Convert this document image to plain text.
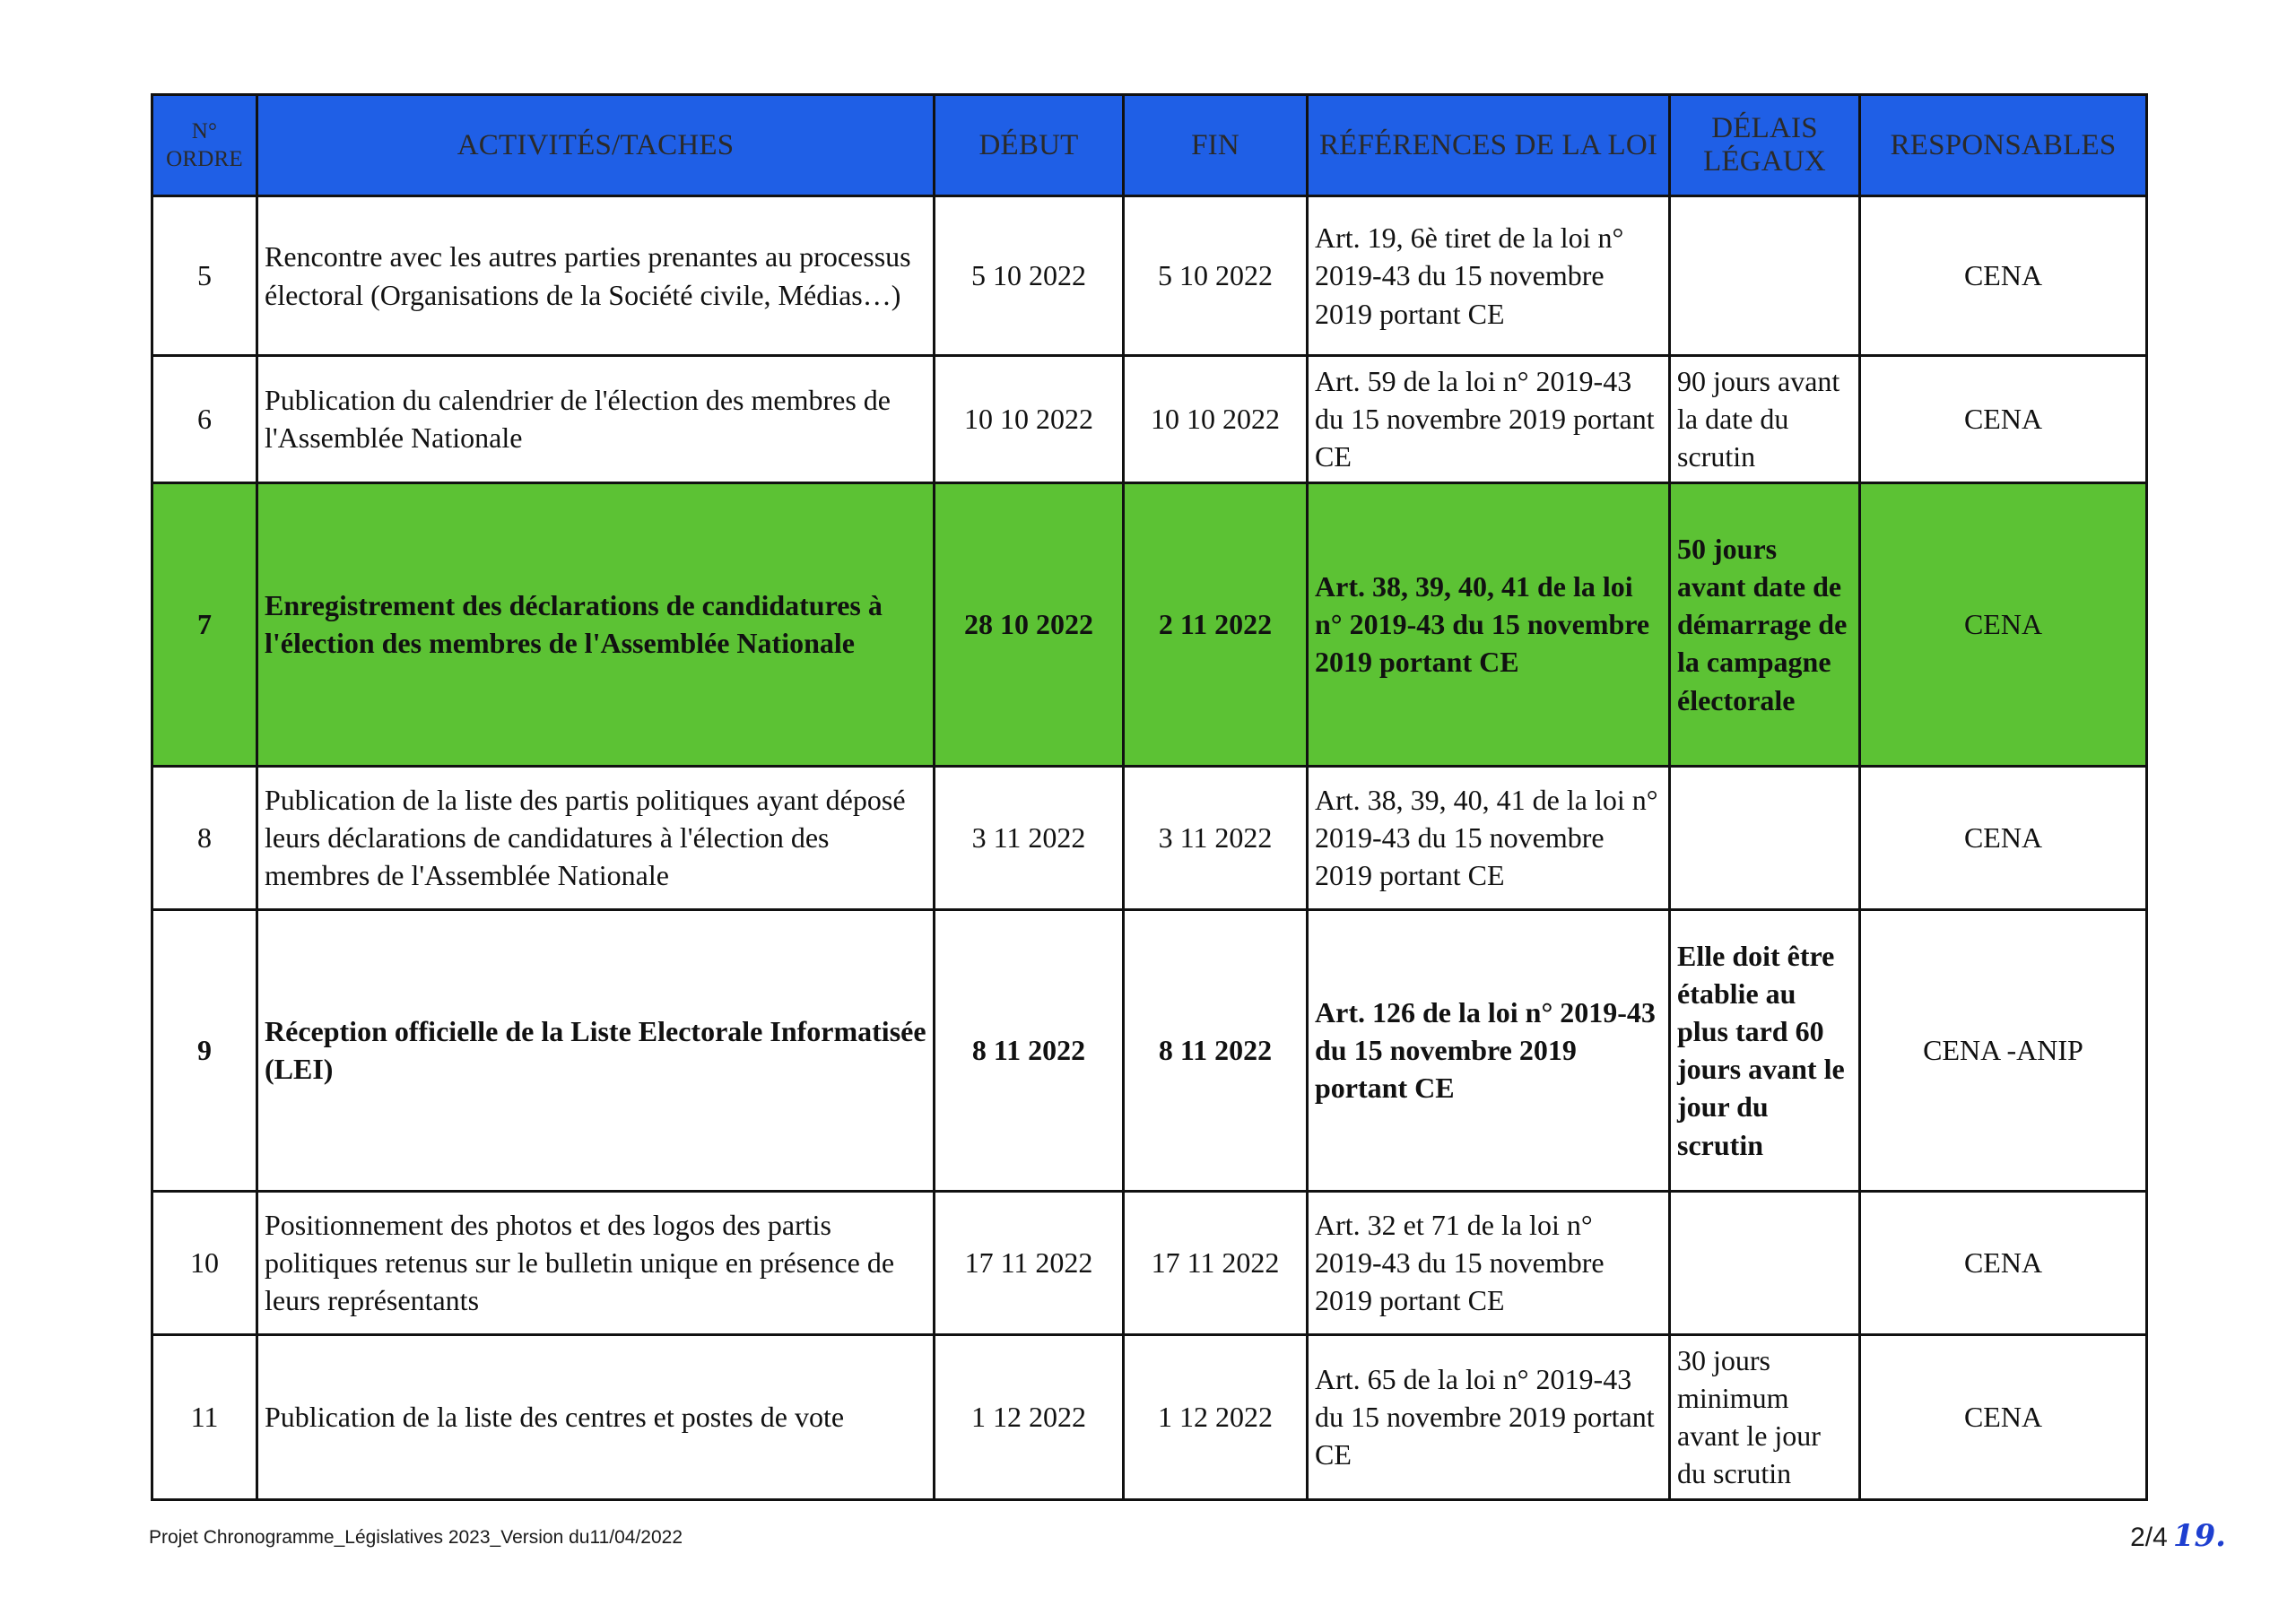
N° ORDRE	ACTIVITÉS/TACHES	DÉBUT	FIN	RÉFÉRENCES DE LA LOI	DÉLAIS LÉGAUX	RESPONSABLES
5	Rencontre avec les autres parties prenantes au processus électoral (Organisations de la Société civile, Médias…)	5 10 2022	5 10 2022	Art. 19, 6è tiret de la loi n° 2019-43 du 15 novembre 2019 portant CE		CENA
6	Publication du calendrier de l'élection des membres de l'Assemblée Nationale	10 10 2022	10 10 2022	Art. 59 de la loi n° 2019-43 du 15 novembre 2019 portant CE	90 jours avant la date du scrutin	CENA
7	Enregistrement des déclarations de candidatures à l'élection des membres de l'Assemblée Nationale	28 10 2022	2 11 2022	Art. 38, 39, 40, 41 de la loi n° 2019-43 du 15 novembre 2019 portant CE	50 jours avant date de démarrage de la campagne électorale	CENA
8	Publication de la liste des partis politiques ayant déposé leurs déclarations de candidatures à l'élection des membres de l'Assemblée Nationale	3 11 2022	3 11 2022	Art. 38, 39, 40, 41 de la loi n° 2019-43 du 15 novembre 2019 portant CE		CENA
9	Réception officielle de la Liste Electorale Informatisée (LEI)	8 11 2022	8 11 2022	Art. 126 de la loi n° 2019-43 du 15 novembre 2019 portant CE	Elle doit être établie au plus tard 60 jours avant le jour du scrutin	CENA -ANIP
10	Positionnement des photos et des logos des partis politiques retenus sur le bulletin unique en présence de leurs représentants	17 11 2022	17 11 2022	Art. 32 et 71 de la loi n° 2019-43 du 15 novembre 2019 portant CE		CENA
11	Publication de la liste des centres et postes de vote	1 12 2022	1 12 2022	Art. 65 de la loi n° 2019-43 du 15 novembre 2019 portant CE	30 jours minimum avant le jour du scrutin	CENA
Projet Chronogramme_Législatives 2023_Version du11/04/2022	2/4 19.
